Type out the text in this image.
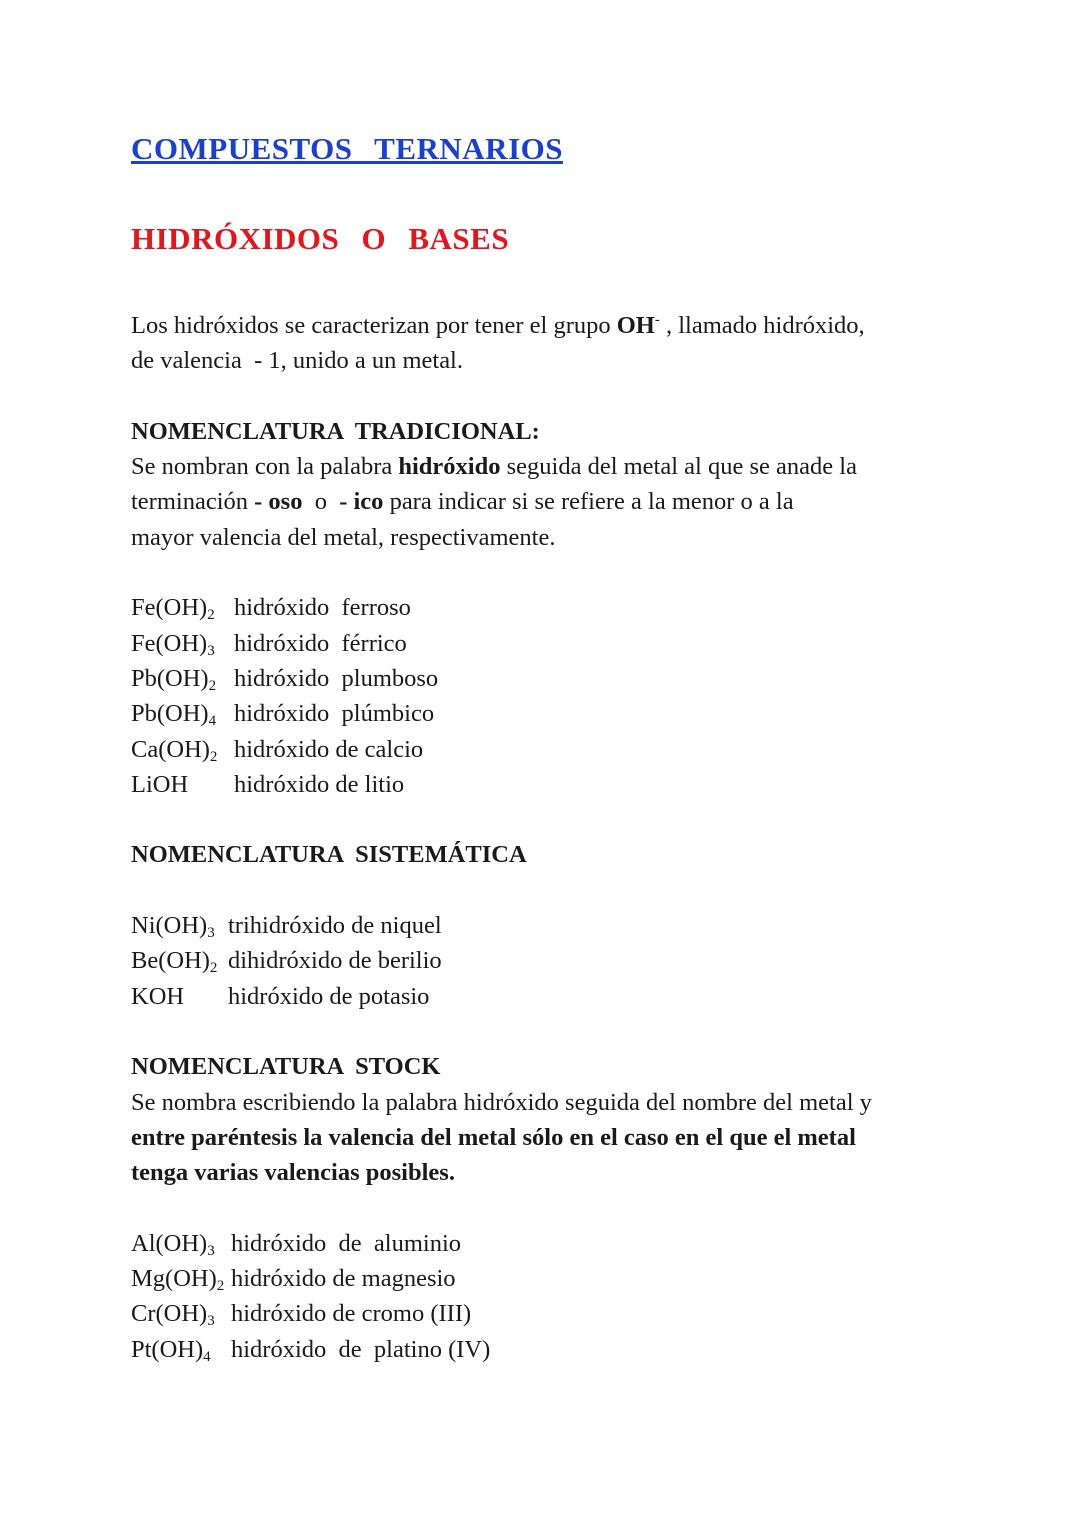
COMPUESTOS TERNARIOS
HIDRÓXIDOS O BASES
Los hidróxidos se caracterizan por tener el grupo OH- , llamado hidróxido,
de valencia  - 1, unido a un metal.
NOMENCLATURA  TRADICIONAL:
Se nombran con la palabra hidróxido seguida del metal al que se anade la
terminación - oso  o  - ico para indicar si se refiere a la menor o a la
mayor valencia del metal, respectivamente.
$Fe(OH)_2$ hidróxido  ferroso
$Fe(OH)_3$ hidróxido  férrico
$Pb(OH)_2$ hidróxido  plumboso
$Pb(OH)_4$ hidróxido  plúmbico
$Ca(OH)_2$ hidróxido de calcio
LiOH hidróxido de litio
NOMENCLATURA  SISTEMÁTICA
$Ni(OH)_3$ trihidróxido de niquel
$Be(OH)_2$ dihidróxido de berilio
KOH hidróxido de potasio
NOMENCLATURA  STOCK
Se nombra escribiendo la palabra hidróxido seguida del nombre del metal y
entre paréntesis la valencia del metal sólo en el caso en el que el metal
tenga varias valencias posibles.
$Al(OH)_3$ hidróxido  de  aluminio
$Mg(OH)_2$ hidróxido de magnesio
$Cr(OH)_3$ hidróxido de cromo (III)
$Pt(OH)_4$ hidróxido  de  platino (IV)
